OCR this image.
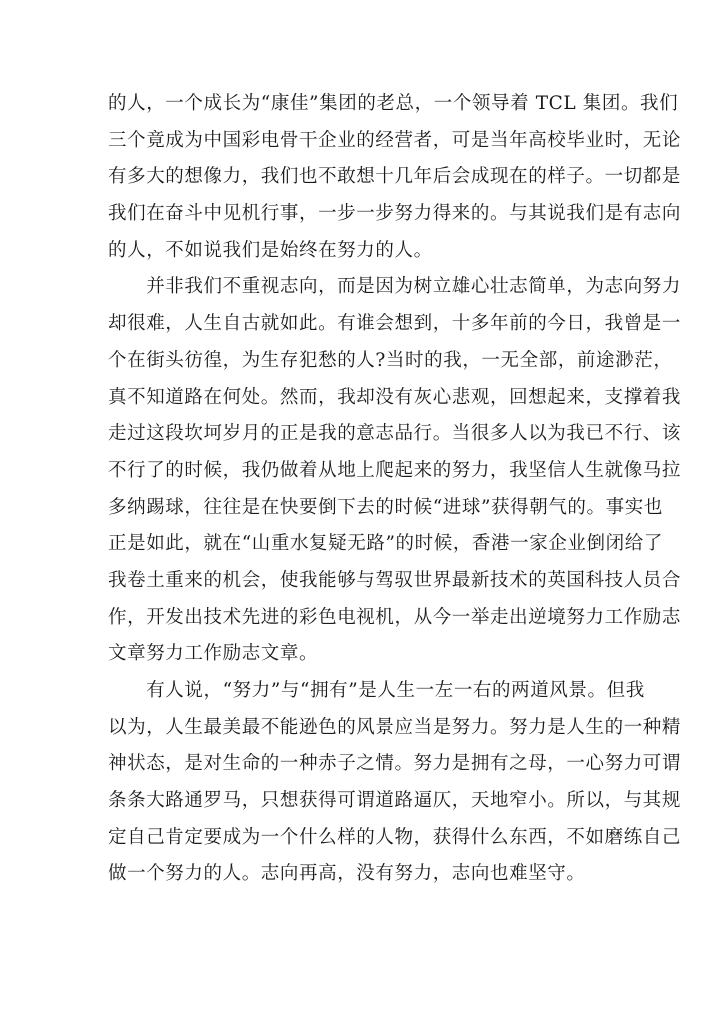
的人，一个成长为“康佳”集团的老总，一个领导着 TCL 集团。我们
三个竟成为中国彩电骨干企业的经营者，可是当年高校毕业时，无论
有多大的想像力，我们也不敢想十几年后会成现在的样子。一切都是
我们在奋斗中见机行事，一步一步努力得来的。与其说我们是有志向
的人，不如说我们是始终在努力的人。
　　并非我们不重视志向，而是因为树立雄心壮志简单，为志向努力
却很难，人生自古就如此。有谁会想到，十多年前的今日，我曾是一
个在街头彷徨，为生存犯愁的人?当时的我，一无全部，前途渺茫，
真不知道路在何处。然而，我却没有灰心悲观，回想起来，支撑着我
走过这段坎坷岁月的正是我的意志品行。当很多人以为我已不行、该
不行了的时候，我仍做着从地上爬起来的努力，我坚信人生就像马拉
多纳踢球，往往是在快要倒下去的时候“进球”获得朝气的。事实也
正是如此，就在“山重水复疑无路”的时候，香港一家企业倒闭给了
我卷土重来的机会，使我能够与驾驭世界最新技术的英国科技人员合
作，开发出技术先进的彩色电视机，从今一举走出逆境努力工作励志
文章努力工作励志文章。
　　有人说，“努力”与“拥有”是人生一左一右的两道风景。但我
以为，人生最美最不能逊色的风景应当是努力。努力是人生的一种精
神状态，是对生命的一种赤子之情。努力是拥有之母，一心努力可谓
条条大路通罗马，只想获得可谓道路逼仄，天地窄小。所以，与其规
定自己肯定要成为一个什么样的人物，获得什么东西，不如磨练自己
做一个努力的人。志向再高，没有努力，志向也难坚守。
